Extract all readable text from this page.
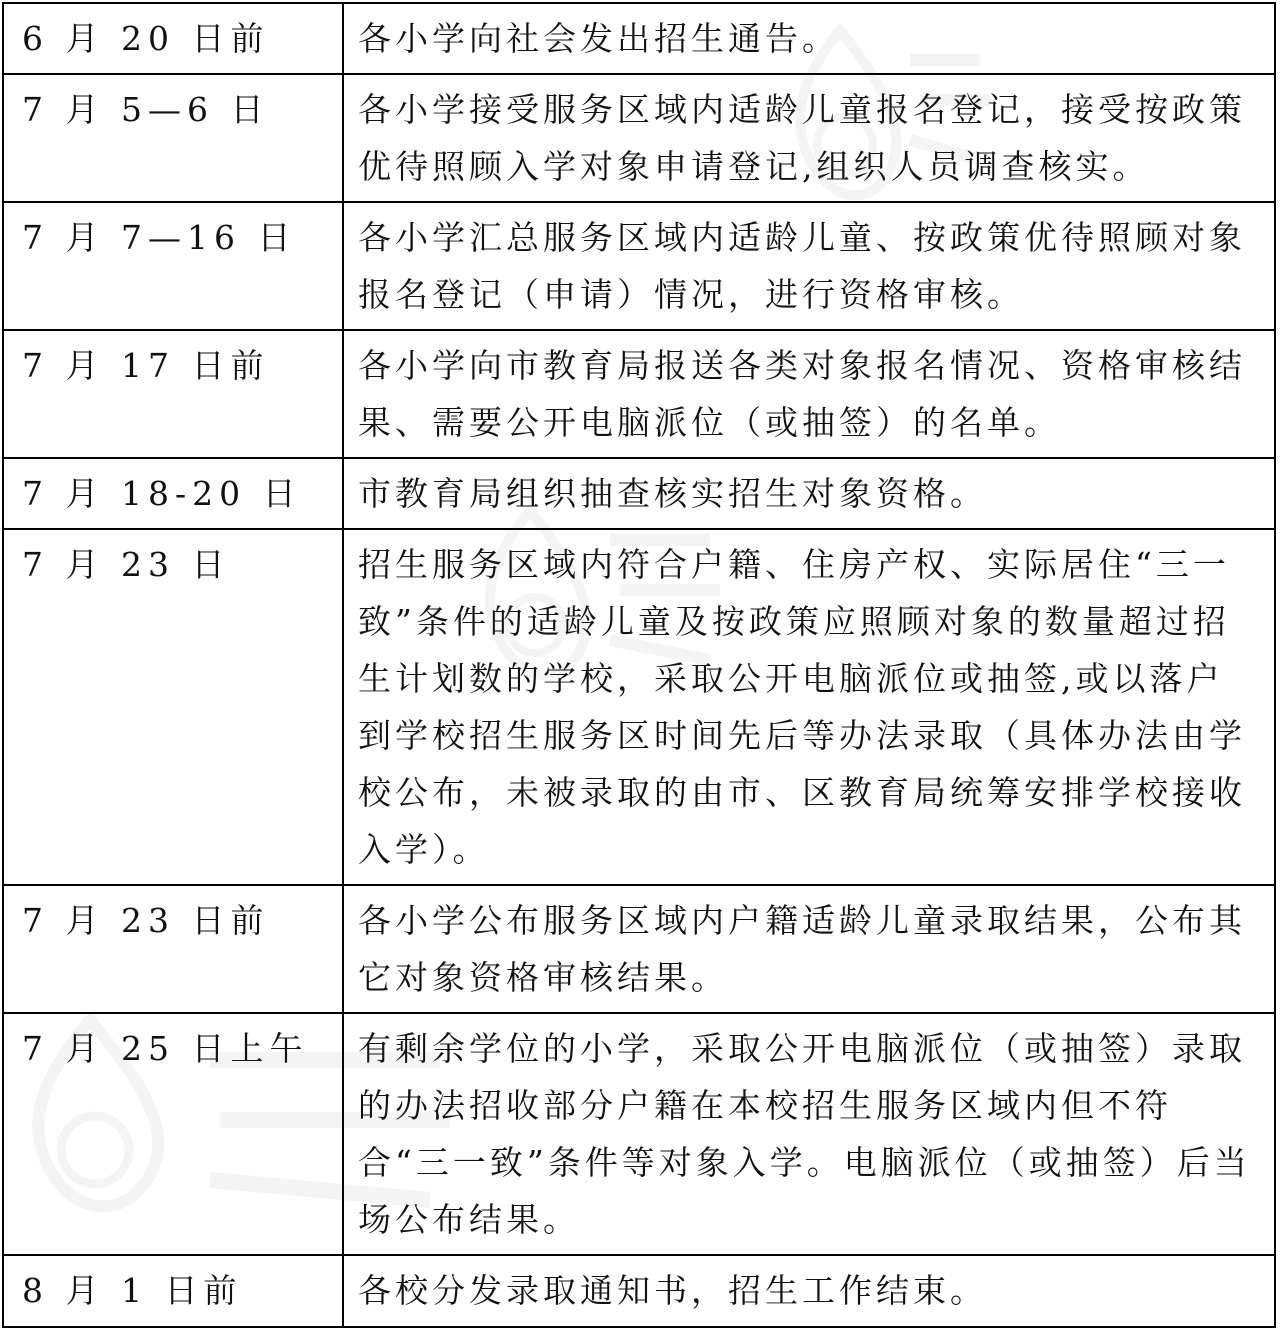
6 月 20 日前	各小学向社会发出招生通告。
7 月 5—6 日	各小学接受服务区域内适龄儿童报名登记，接受按政策优待照顾入学对象申请登记,组织人员调查核实。
7 月 7—16 日	各小学汇总服务区域内适龄儿童、按政策优待照顾对象报名登记（申请）情况，进行资格审核。
7 月 17 日前	各小学向市教育局报送各类对象报名情况、资格审核结果、需要公开电脑派位（或抽签）的名单。
7 月 18-20 日	市教育局组织抽查核实招生对象资格。
7 月 23 日	招生服务区域内符合户籍、住房产权、实际居住“三一致”条件的适龄儿童及按政策应照顾对象的数量超过招生计划数的学校，采取公开电脑派位或抽签,或以落户到学校招生服务区时间先后等办法录取（具体办法由学校公布，未被录取的由市、区教育局统筹安排学校接收入学）。
7 月 23 日前	各小学公布服务区域内户籍适龄儿童录取结果，公布其它对象资格审核结果。
7 月 25 日上午	有剩余学位的小学，采取公开电脑派位（或抽签）录取的办法招收部分户籍在本校招生服务区域内但不符合“三一致”条件等对象入学。电脑派位（或抽签）后当场公布结果。
8 月 1 日前	各校分发录取通知书，招生工作结束。
